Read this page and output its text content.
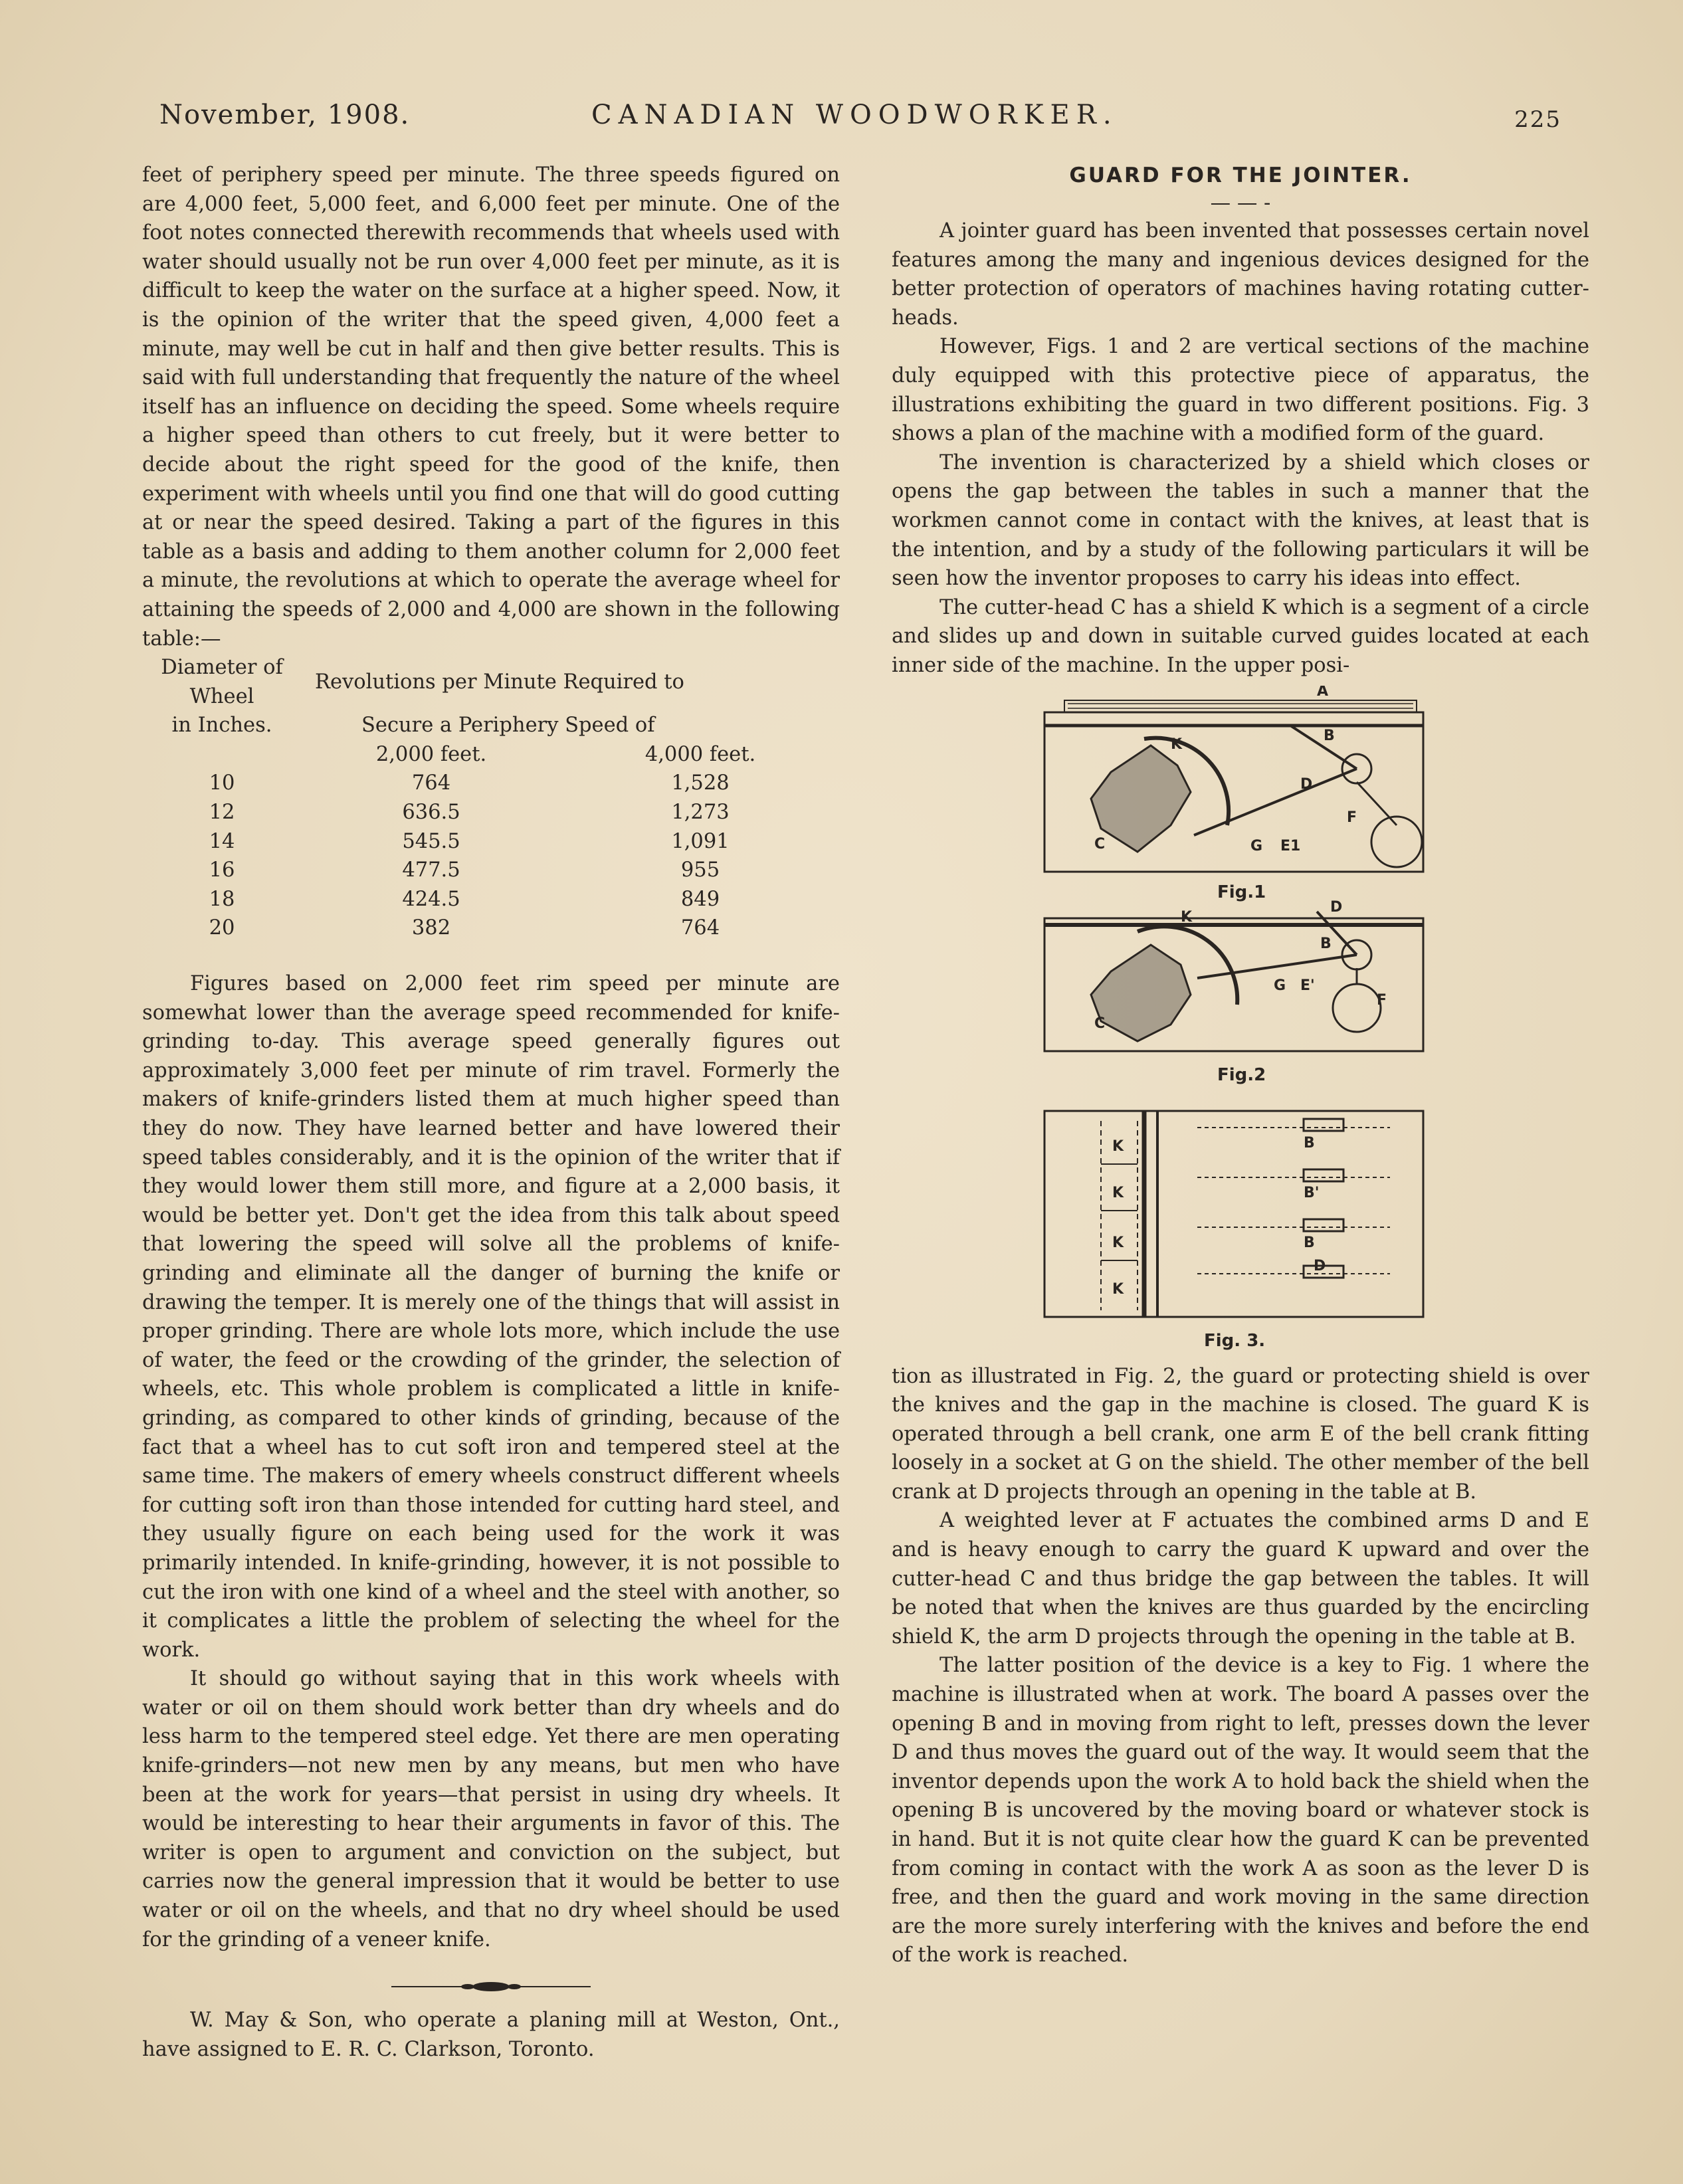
November, 1908.	CANADIAN WOODWORKER.	225

feet of periphery speed per minute. The three speeds figured on are 4,000 feet, 5,000 feet, and 6,000 feet per minute. One of the foot notes connected therewith recommends that wheels used with water should usually not be run over 4,000 feet per minute, as it is difficult to keep the water on the surface at a higher speed. Now, it is the opinion of the writer that the speed given, 4,000 feet a minute, may well be cut in half and then give better results. This is said with full understanding that frequently the nature of the wheel itself has an influence on deciding the speed. Some wheels require a higher speed than others to cut freely, but it were better to decide about the right speed for the good of the knife, then experiment with wheels until you find one that will do good cutting at or near the speed desired. Taking a part of the figures in this table as a basis and adding to them another column for 2,000 feet a minute, the revolutions at which to operate the average wheel for attaining the speeds of 2,000 and 4,000 are shown in the following table:—

Diameter of Wheel	Revolutions per Minute Required to	
in Inches.	Secure a Periphery Speed of	
	2,000 feet.	4,000 feet.
10	764	1,528
12	636.5	1,273
14	545.5	1,091
16	477.5	955
18	424.5	849
20	382	764

Figures based on 2,000 feet rim speed per minute are somewhat lower than the average speed recommended for knife-grinding to-day. This average speed generally figures out approximately 3,000 feet per minute of rim travel. Formerly the makers of knife-grinders listed them at much higher speed than they do now. They have learned better and have lowered their speed tables considerably, and it is the opinion of the writer that if they would lower them still more, and figure at a 2,000 basis, it would be better yet. Don't get the idea from this talk about speed that lowering the speed will solve all the problems of knife-grinding and eliminate all the danger of burning the knife or drawing the temper. It is merely one of the things that will assist in proper grinding. There are whole lots more, which include the use of water, the feed or the crowding of the grinder, the selection of wheels, etc. This whole problem is complicated a little in knife-grinding, as compared to other kinds of grinding, because of the fact that a wheel has to cut soft iron and tempered steel at the same time. The makers of emery wheels construct different wheels for cutting soft iron than those intended for cutting hard steel, and they usually figure on each being used for the work it was primarily intended. In knife-grinding, however, it is not possible to cut the iron with one kind of a wheel and the steel with another, so it complicates a little the problem of selecting the wheel for the work.

It should go without saying that in this work wheels with water or oil on them should work better than dry wheels and do less harm to the tempered steel edge. Yet there are men operating knife-grinders—not new men by any means, but men who have been at the work for years—that persist in using dry wheels. It would be interesting to hear their arguments in favor of this. The writer is open to argument and conviction on the subject, but carries now the general impression that it would be better to use water or oil on the wheels, and that no dry wheel should be used for the grinding of a veneer knife.

W. May & Son, who operate a planing mill at Weston, Ont., have assigned to E. R. C. Clarkson, Toronto.

GUARD FOR THE JOINTER.
— — -

A jointer guard has been invented that possesses certain novel features among the many and ingenious devices designed for the better protection of operators of machines having rotating cutter-heads.

However, Figs. 1 and 2 are vertical sections of the machine duly equipped with this protective piece of apparatus, the illustrations exhibiting the guard in two different positions. Fig. 3 shows a plan of the machine with a modified form of the guard.

The invention is characterized by a shield which closes or opens the gap between the tables in such a manner that the workmen cannot come in contact with the knives, at least that is the intention, and by a study of the following particulars it will be seen how the inventor proposes to carry his ideas into effect.

The cutter-head C has a shield K which is a segment of a circle and slides up and down in suitable curved guides located at each inner side of the machine. In the upper posi-

A
B
K
D
F
C	G E1
K
D
B
G E'
F
C
K
K
K
K
B
B'
B
D
Fig.1
Fig.2
Fig. 3.

tion as illustrated in Fig. 2, the guard or protecting shield is over the knives and the gap in the machine is closed. The guard K is operated through a bell crank, one arm E of the bell crank fitting loosely in a socket at G on the shield. The other member of the bell crank at D projects through an opening in the table at B.

A weighted lever at F actuates the combined arms D and E and is heavy enough to carry the guard K upward and over the cutter-head C and thus bridge the gap between the tables. It will be noted that when the knives are thus guarded by the encircling shield K, the arm D projects through the opening in the table at B.

The latter position of the device is a key to Fig. 1 where the machine is illustrated when at work. The board A passes over the opening B and in moving from right to left, presses down the lever D and thus moves the guard out of the way. It would seem that the inventor depends upon the work A to hold back the shield when the opening B is uncovered by the moving board or whatever stock is in hand. But it is not quite clear how the guard K can be prevented from coming in contact with the work A as soon as the lever D is free, and then the guard and work moving in the same direction are the more surely interfering with the knives and before the end of the work is reached.
